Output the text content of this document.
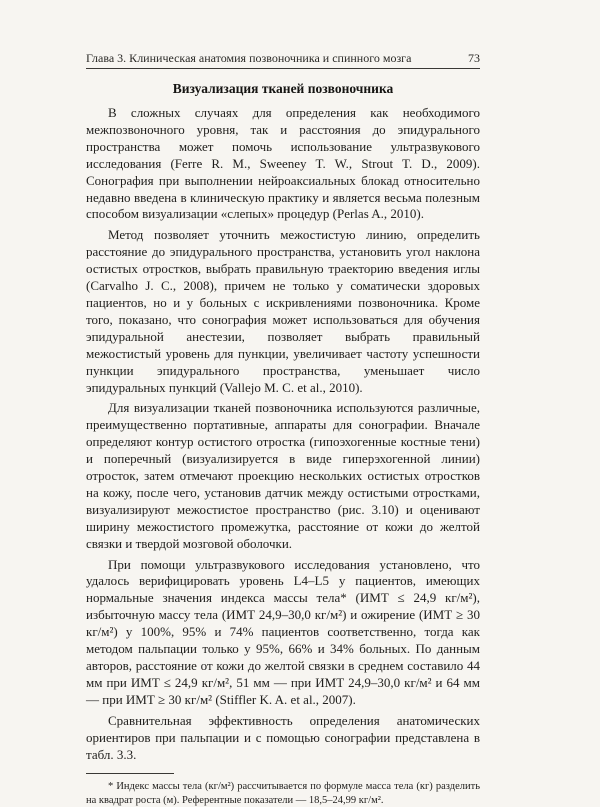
Глава 3. Клиническая анатомия позвоночника и спинного мозга	73
Визуализация тканей позвоночника

В сложных случаях для определения как необходимого межпозвоночного уровня, так и расстояния до эпидурального пространства может помочь использование ультразвукового исследования (Ferre R. M., Sweeney T. W., Strout T. D., 2009). Сонография при выполнении нейроаксиальных блокад относительно недавно введена в клиническую практику и является весьма полезным способом визуализации «слепых» процедур (Perlas A., 2010).

Метод позволяет уточнить межостистую линию, определить расстояние до эпидурального пространства, установить угол наклона остистых отростков, выбрать правильную траекторию введения иглы (Carvalho J. C., 2008), причем не только у соматически здоровых пациентов, но и у больных с искривлениями позвоночника. Кроме того, показано, что сонография может использоваться для обучения эпидуральной анестезии, позволяет выбрать правильный межостистый уровень для пункции, увеличивает частоту успешности пункции эпидурального пространства, уменьшает число эпидуральных пункций (Vallejo M. C. et al., 2010).

Для визуализации тканей позвоночника используются различные, преимущественно портативные, аппараты для сонографии. Вначале определяют контур остистого отростка (гипоэхогенные костные тени) и поперечный (визуализируется в виде гиперэхогенной линии) отросток, затем отмечают проекцию нескольких остистых отростков на кожу, после чего, установив датчик между остистыми отростками, визуализируют межостистое пространство (рис. 3.10) и оценивают ширину межостистого промежутка, расстояние от кожи до желтой связки и твердой мозговой оболочки.

При помощи ультразвукового исследования установлено, что удалось верифицировать уровень L4–L5 у пациентов, имеющих нормальные значения индекса массы тела* (ИМТ ≤ 24,9 кг/м²), избыточную массу тела (ИМТ 24,9–30,0 кг/м²) и ожирение (ИМТ ≥ 30 кг/м²) у 100%, 95% и 74% пациентов соответственно, тогда как методом пальпации только у 95%, 66% и 34% больных. По данным авторов, расстояние от кожи до желтой связки в среднем составило 44 мм при ИМТ ≤ 24,9 кг/м², 51 мм — при ИМТ 24,9–30,0 кг/м² и 64 мм — при ИМТ ≥ 30 кг/м² (Stiffler K. A. et al., 2007).

Сравнительная эффективность определения анатомических ориентиров при пальпации и с помощью сонографии представлена в табл. 3.3.

* Индекс массы тела (кг/м²) рассчитывается по формуле масса тела (кг) разделить на квадрат роста (м). Референтные показатели — 18,5–24,99 кг/м².
